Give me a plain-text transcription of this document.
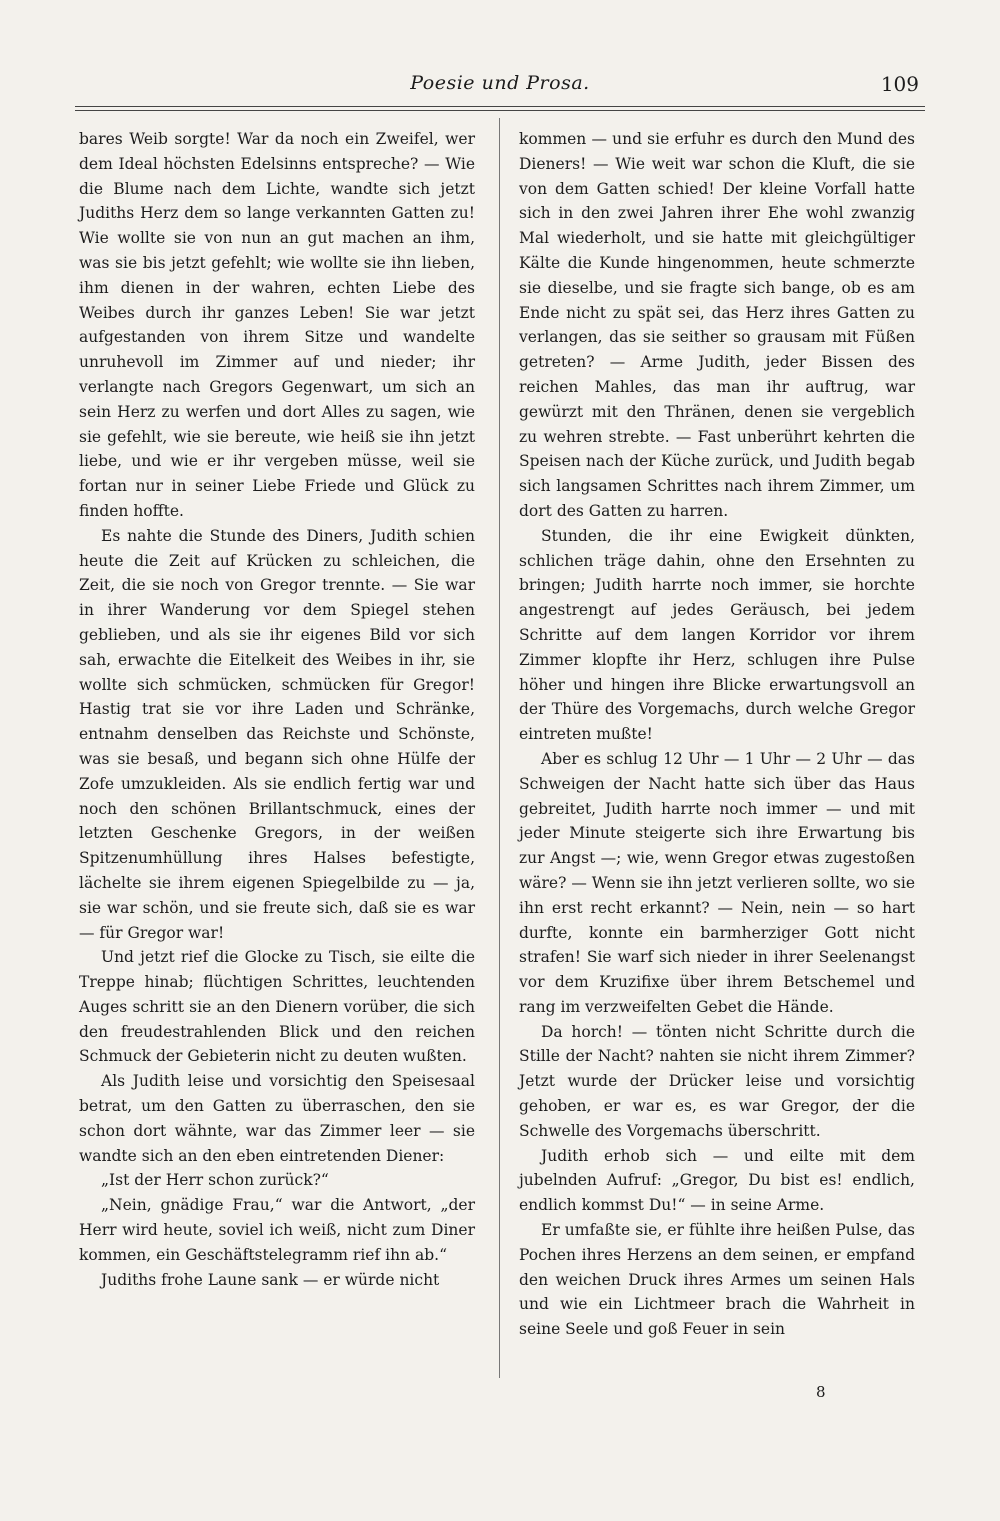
Poesie und Prosa.	109

bares Weib sorgte! War da noch ein Zweifel, wer dem Ideal höchsten Edelsinns entspreche? — Wie die Blume nach dem Lichte, wandte sich jetzt Judiths Herz dem so lange verkannten Gatten zu! Wie wollte sie von nun an gut machen an ihm, was sie bis jetzt gefehlt; wie wollte sie ihn lieben, ihm dienen in der wahren, echten Liebe des Weibes durch ihr ganzes Leben! Sie war jetzt aufgestanden von ihrem Sitze und wandelte unruhevoll im Zimmer auf und nieder; ihr verlangte nach Gregors Gegenwart, um sich an sein Herz zu werfen und dort Alles zu sagen, wie sie gefehlt, wie sie bereute, wie heiß sie ihn jetzt liebe, und wie er ihr vergeben müsse, weil sie fortan nur in seiner Liebe Friede und Glück zu finden hoffte.

Es nahte die Stunde des Diners, Judith schien heute die Zeit auf Krücken zu schleichen, die Zeit, die sie noch von Gregor trennte. — Sie war in ihrer Wanderung vor dem Spiegel stehen geblieben, und als sie ihr eigenes Bild vor sich sah, erwachte die Eitelkeit des Weibes in ihr, sie wollte sich schmücken, schmücken für Gregor! Hastig trat sie vor ihre Laden und Schränke, entnahm denselben das Reichste und Schönste, was sie besaß, und begann sich ohne Hülfe der Zofe umzukleiden. Als sie endlich fertig war und noch den schönen Brillantschmuck, eines der letzten Geschenke Gregors, in der weißen Spitzenumhüllung ihres Halses befestigte, lächelte sie ihrem eigenen Spiegelbilde zu — ja, sie war schön, und sie freute sich, daß sie es war — für Gregor war!

Und jetzt rief die Glocke zu Tisch, sie eilte die Treppe hinab; flüchtigen Schrittes, leuchtenden Auges schritt sie an den Dienern vorüber, die sich den freudestrahlenden Blick und den reichen Schmuck der Gebieterin nicht zu deuten wußten.

Als Judith leise und vorsichtig den Speisesaal betrat, um den Gatten zu überraschen, den sie schon dort wähnte, war das Zimmer leer — sie wandte sich an den eben eintretenden Diener:

„Ist der Herr schon zurück?“

„Nein, gnädige Frau,“ war die Antwort, „der Herr wird heute, soviel ich weiß, nicht zum Diner kommen, ein Geschäftstelegramm rief ihn ab.“

Judiths frohe Laune sank — er würde nicht

kommen — und sie erfuhr es durch den Mund des Dieners! — Wie weit war schon die Kluft, die sie von dem Gatten schied! Der kleine Vorfall hatte sich in den zwei Jahren ihrer Ehe wohl zwanzig Mal wiederholt, und sie hatte mit gleichgültiger Kälte die Kunde hingenommen, heute schmerzte sie dieselbe, und sie fragte sich bange, ob es am Ende nicht zu spät sei, das Herz ihres Gatten zu verlangen, das sie seither so grausam mit Füßen getreten? — Arme Judith, jeder Bissen des reichen Mahles, das man ihr auftrug, war gewürzt mit den Thränen, denen sie vergeblich zu wehren strebte. — Fast unberührt kehrten die Speisen nach der Küche zurück, und Judith begab sich langsamen Schrittes nach ihrem Zimmer, um dort des Gatten zu harren.

Stunden, die ihr eine Ewigkeit dünkten, schlichen träge dahin, ohne den Ersehnten zu bringen; Judith harrte noch immer, sie horchte angestrengt auf jedes Geräusch, bei jedem Schritte auf dem langen Korridor vor ihrem Zimmer klopfte ihr Herz, schlugen ihre Pulse höher und hingen ihre Blicke erwartungsvoll an der Thüre des Vorgemachs, durch welche Gregor eintreten mußte!

Aber es schlug 12 Uhr — 1 Uhr — 2 Uhr — das Schweigen der Nacht hatte sich über das Haus gebreitet, Judith harrte noch immer — und mit jeder Minute steigerte sich ihre Erwartung bis zur Angst —; wie, wenn Gregor etwas zugestoßen wäre? — Wenn sie ihn jetzt verlieren sollte, wo sie ihn erst recht erkannt? — Nein, nein — so hart durfte, konnte ein barmherziger Gott nicht strafen! Sie warf sich nieder in ihrer Seelenangst vor dem Kruzifixe über ihrem Betschemel und rang im verzweifelten Gebet die Hände.

Da horch! — tönten nicht Schritte durch die Stille der Nacht? nahten sie nicht ihrem Zimmer? Jetzt wurde der Drücker leise und vorsichtig gehoben, er war es, es war Gregor, der die Schwelle des Vorgemachs überschritt.

Judith erhob sich — und eilte mit dem jubelnden Aufruf: „Gregor, Du bist es! endlich, endlich kommst Du!“ — in seine Arme.

Er umfaßte sie, er fühlte ihre heißen Pulse, das Pochen ihres Herzens an dem seinen, er empfand den weichen Druck ihres Armes um seinen Hals und wie ein Lichtmeer brach die Wahrheit in seine Seele und goß Feuer in sein

8
